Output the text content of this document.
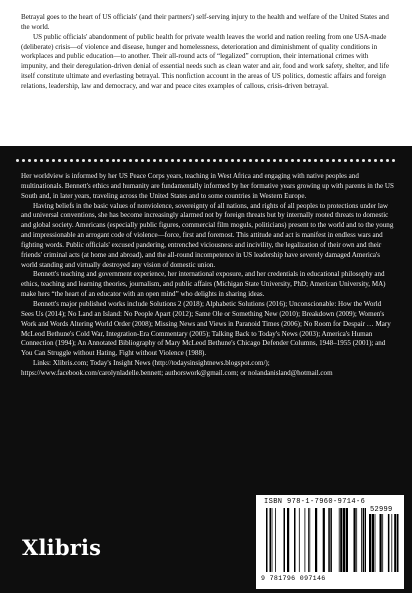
Betrayal goes to the heart of US officials' (and their partners') self-serving injury to the health and welfare of the United States and the world.

US public officials' abandonment of public health for private wealth leaves the world and nation reeling from one USA-made (deliberate) crisis—of violence and disease, hunger and homelessness, deterioration and diminishment of quality conditions in workplaces and public education—to another. Their all-round acts of “legalized” corruption, their international crimes with impunity, and their deregulation-driven denial of essential needs such as clean water and air, food and work safety, shelter, and life itself constitute ultimate and everlasting betrayal. This nonfiction account in the areas of US politics, domestic affairs and foreign relations, leadership, law and democracy, and war and peace cites examples of callous, crisis-driven betrayal.

Her worldview is informed by her US Peace Corps years, teaching in West Africa and engaging with native peoples and multinationals. Bennett's ethics and humanity are fundamentally informed by her formative years growing up with parents in the US South and, in later years, traveling across the United States and to some countries in Western Europe.

Having beliefs in the basic values of nonviolence, sovereignty of all nations, and rights of all peoples to protections under law and universal conventions, she has become increasingly alarmed not by foreign threats but by internally rooted threats to domestic and global society. Americans (especially public figures, commercial film moguls, politicians) present to the world and to the young and impressionable an arrogant code of violence—force, first and foremost. This attitude and act is manifest in endless wars and fighting words. Public officials' excused pandering, entrenched viciousness and incivility, the legalization of their own and their friends' criminal acts (at home and abroad), and the all-round incompetence in US leadership have severely damaged America's world standing and virtually destroyed any vision of domestic union.

Bennett's teaching and government experience, her international exposure, and her credentials in educational philosophy and ethics, teaching and learning theories, journalism, and public affairs (Michigan State University, PhD; American University, MA) make hers “the heart of an educator with an open mind” who delights in sharing ideas.

Bennett's major published works include Solutions 2 (2018); Alphabetic Solutions (2016); Unconscionable: How the World Sees Us (2014); No Land an Island: No People Apart (2012); Same Ole or Something New (2010); Breakdown (2009); Women's Work and Words Altering World Order (2008); Missing News and Views in Paranoid Times (2006); No Room for Despair … Mary McLeod Bethune's Cold War, Integration-Era Commentary (2005); Talking Back to Today's News (2003); America's Human Connection (1994); An Annotated Bibliography of Mary McLeod Bethune's Chicago Defender Columns, 1948–1955 (2001); and You Can Struggle without Hating, Fight without Violence (1988).

Links: Xlibris.com; Today's Insight News (http://todaysinsightnews.blogspot.com/); https://www.facebook.com/carolynladelle.bennett; authorswork@gmail.com; or nolandanisland@hotmail.com

Xlibris
ISBN 978-1-7960-9714-6
52999
9 781796 097146
